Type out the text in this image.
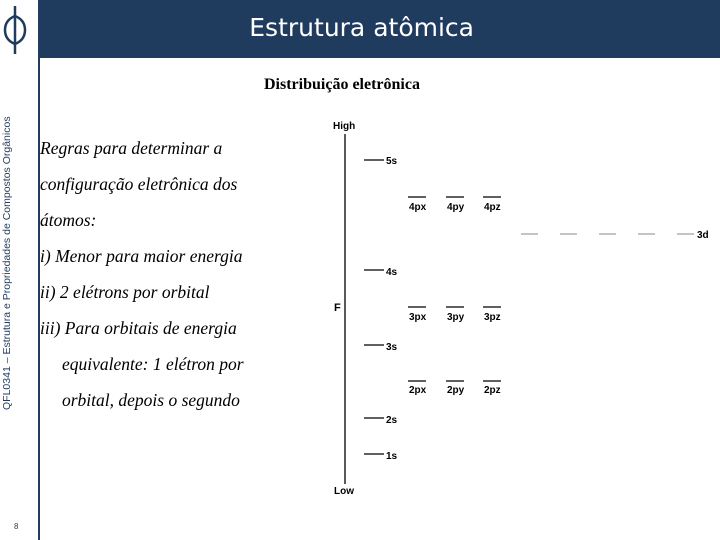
QFL0341 – Estrutura e Propriedades de Compostos Orgânicos
8
Estrutura atômica
Distribuição eletrônica
Regras para determinar a
configuração eletrônica dos
átomos:
i) Menor para maior energia
ii) 2 elétrons por orbital
iii) Para orbitais de energia
equivalente: 1 elétron por
orbital, depois o segundo
High
F
Low
5s
4px 4py 4pz
3d
4s
3px 3py 3pz
3s
2px 2py 2pz
2s
1s
